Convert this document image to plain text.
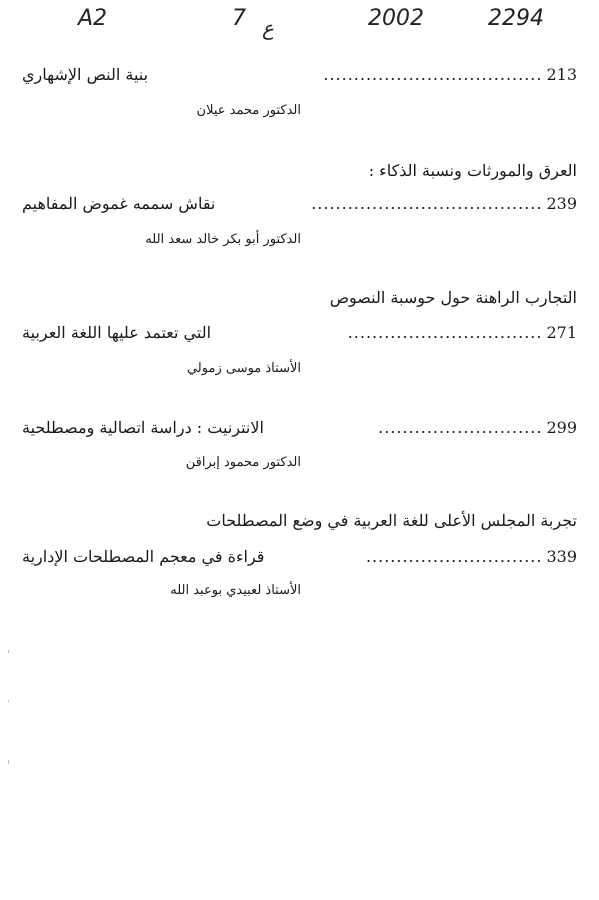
A2	7 ع	2002	2294
بنية النص الإشهاري	.................................... 213
الدكتور محمد عيلان
العرق والمورثات ونسبة الذكاء :
نقاش سممه غموض المفاهيم	...................................... 239
الدكتور أبو بكر خالد سعد الله
التجارب الراهنة حول حوسبة النصوص
التي تعتمد عليها اللغة العربية	................................ 271
الأستاذ موسى زمولي
الانترنيت : دراسة اتصالية ومصطلحية	........................... 299
الدكتور محمود إبراقن
تجربة المجلس الأعلى للغة العربية في وضع المصطلحات
قراءة في معجم المصطلحات الإدارية	............................. 339
الأستاذ لعبيدي بوعبد الله
